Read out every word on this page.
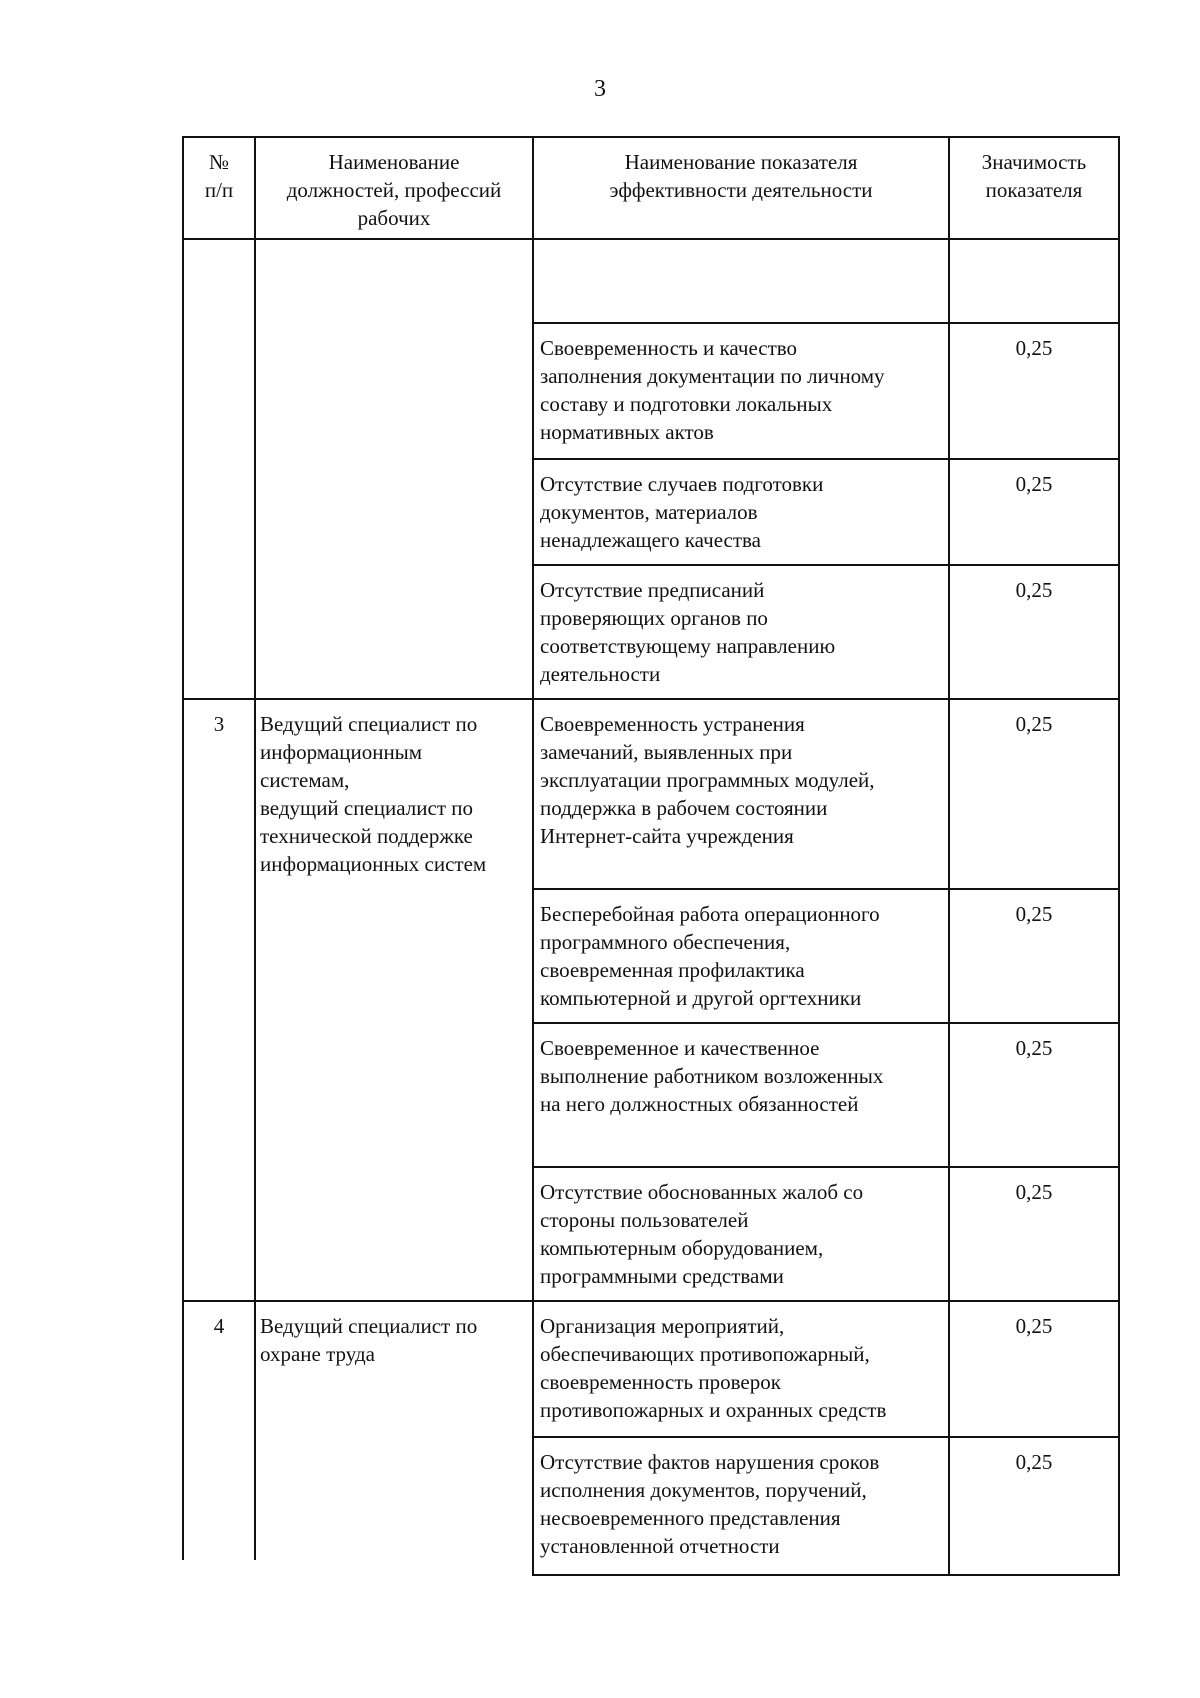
3

№
п/п

Наименование
должностей, профессий
рабочих

Наименование показателя
эффективности деятельности

Значимость
показателя

Своевременность и качество
заполнения документации по личному
составу и подготовки локальных
нормативных актов

0,25

Отсутствие случаев подготовки
документов, материалов
ненадлежащего качества

0,25

Отсутствие предписаний
проверяющих органов по
соответствующему направлению
деятельности

0,25

3	Ведущий специалист по
информационным
системам,
ведущий специалист по
технической поддержке
информационных систем

Своевременность устранения
замечаний, выявленных при
эксплуатации программных модулей,
поддержка в рабочем состоянии
Интернет-сайта учреждения

0,25

Бесперебойная работа операционного
программного обеспечения,
своевременная профилактика
компьютерной и другой оргтехники

0,25

Своевременное и качественное
выполнение работником возложенных
на него должностных обязанностей

0,25

Отсутствие обоснованных жалоб со
стороны пользователей
компьютерным оборудованием,
программными средствами

0,25

4	Ведущий специалист по
охране труда

Организация мероприятий,
обеспечивающих противопожарный,
своевременность проверок
противопожарных и охранных средств

0,25

Отсутствие фактов нарушения сроков
исполнения документов, поручений,
несвоевременного представления
установленной отчетности

0,25
